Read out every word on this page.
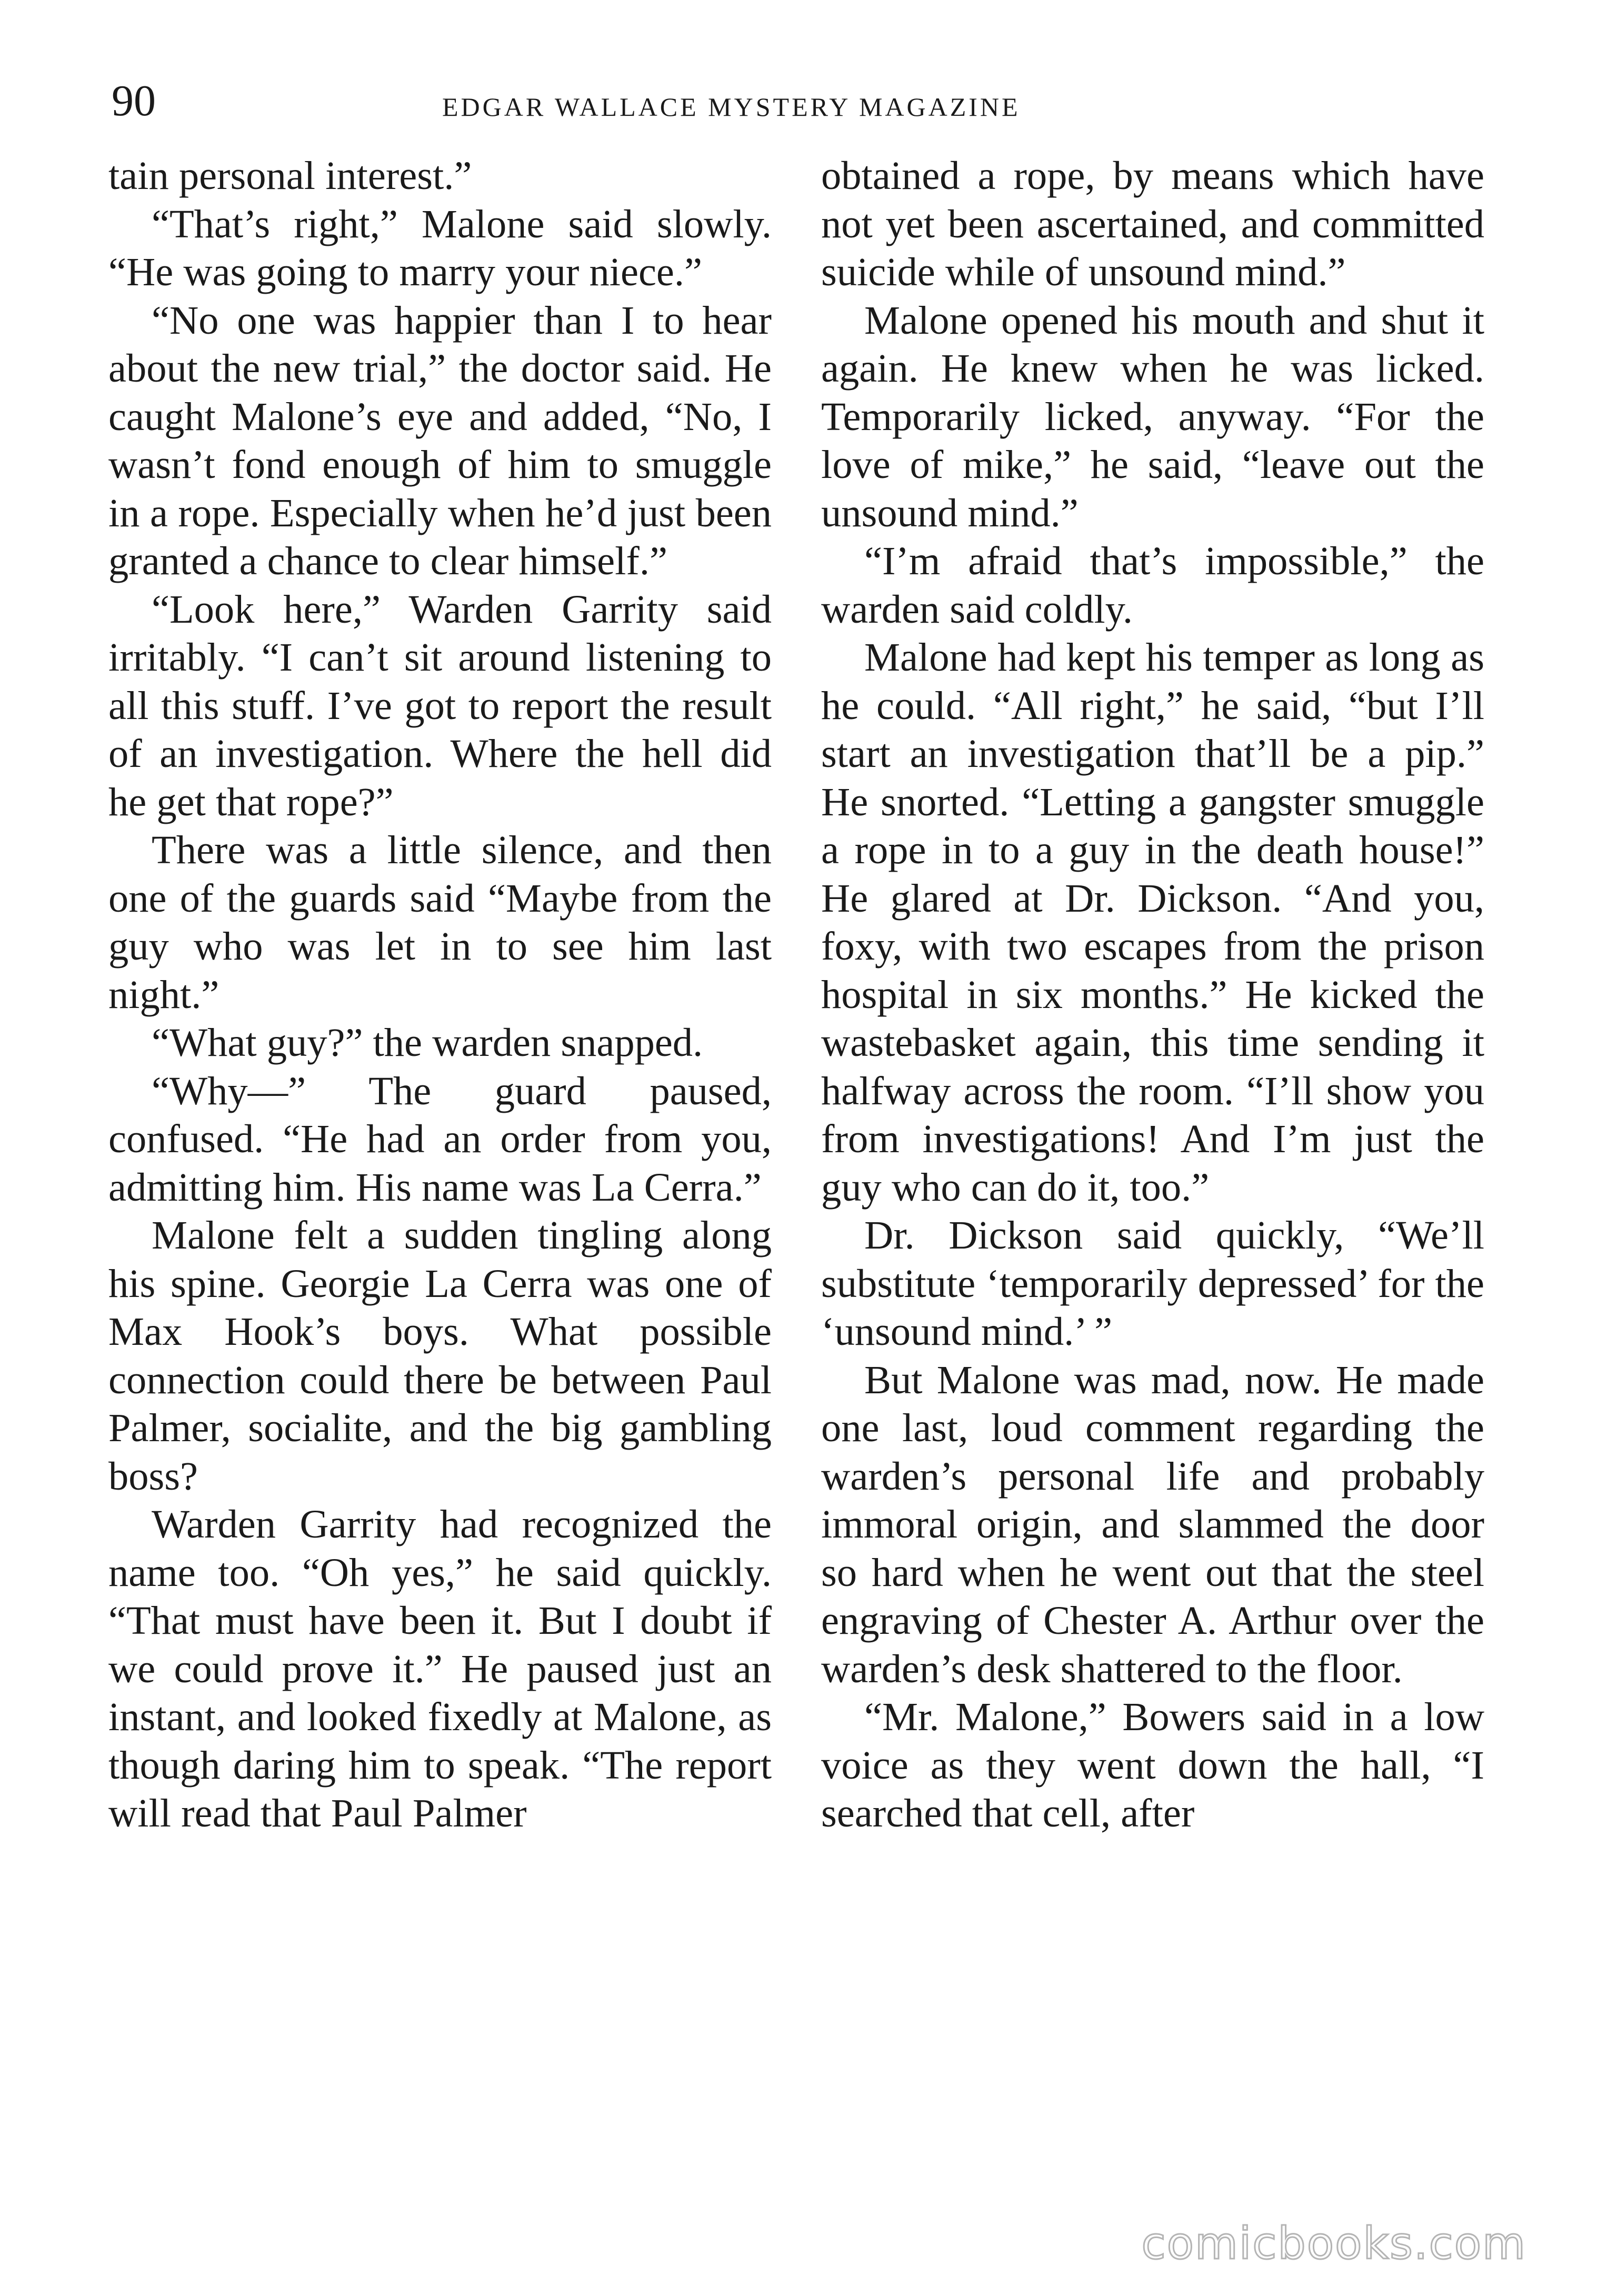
90	EDGAR WALLACE MYSTERY MAGAZINE

tain personal interest.”

“That’s right,” Malone said slowly. “He was going to marry your niece.”

“No one was happier than I to hear about the new trial,” the doctor said. He caught Malone’s eye and added, “No, I wasn’t fond enough of him to smuggle in a rope. Especially when he’d just been granted a chance to clear himself.”

“Look here,” Warden Garrity said irritably. “I can’t sit around listening to all this stuff. I’ve got to report the result of an investigation. Where the hell did he get that rope?”

There was a little silence, and then one of the guards said “Maybe from the guy who was let in to see him last night.”

“What guy?” the warden snapped.

“Why—” The guard paused, confused. “He had an order from you, admitting him. His name was La Cerra.”

Malone felt a sudden tingling along his spine. Georgie La Cerra was one of Max Hook’s boys. What possible connection could there be between Paul Palmer, socialite, and the big gambling boss?

Warden Garrity had recognized the name too. “Oh yes,” he said quickly. “That must have been it. But I doubt if we could prove it.” He paused just an instant, and looked fixedly at Malone, as though daring him to speak. “The report will read that Paul Palmer

obtained a rope, by means which have not yet been ascertained, and committed suicide while of unsound mind.”

Malone opened his mouth and shut it again. He knew when he was licked. Temporarily licked, anyway. “For the love of mike,” he said, “leave out the unsound mind.”

“I’m afraid that’s impossible,” the warden said coldly.

Malone had kept his temper as long as he could. “All right,” he said, “but I’ll start an investigation that’ll be a pip.” He snorted. “Letting a gangster smuggle a rope in to a guy in the death house!” He glared at Dr. Dickson. “And you, foxy, with two escapes from the prison hospital in six months.” He kicked the wastebasket again, this time sending it halfway across the room. “I’ll show you from investigations! And I’m just the guy who can do it, too.”

Dr. Dickson said quickly, “We’ll substitute ‘temporarily depressed’ for the ‘unsound mind.’ ”

But Malone was mad, now. He made one last, loud comment regarding the warden’s personal life and probably immoral origin, and slammed the door so hard when he went out that the steel engraving of Chester A. Arthur over the warden’s desk shattered to the floor.

“Mr. Malone,” Bowers said in a low voice as they went down the hall, “I searched that cell, after

comicbooks.com
